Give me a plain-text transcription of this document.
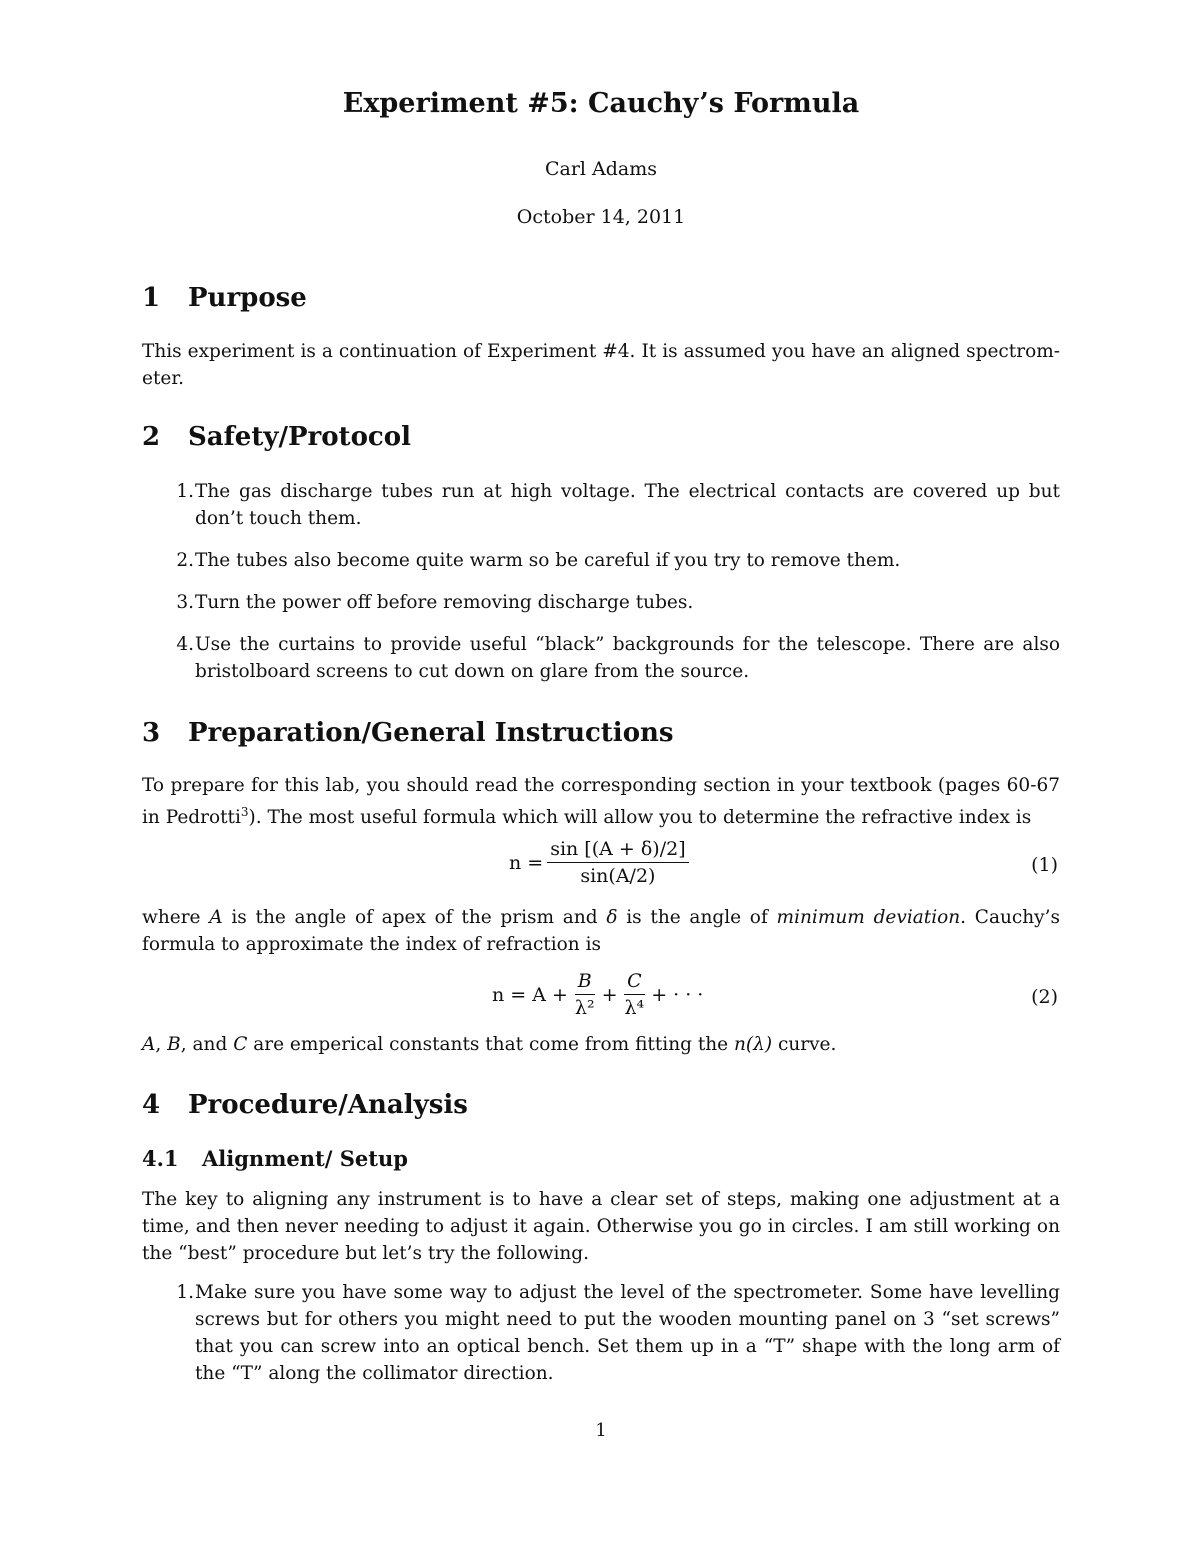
Experiment #5: Cauchy’s Formula
Carl Adams
October 14, 2011
1 Purpose
This experiment is a continuation of Experiment #4. It is assumed you have an aligned spectrom- eter.
2 Safety/Protocol
1. The gas discharge tubes run at high voltage. The electrical contacts are covered up but don’t touch them.
2. The tubes also become quite warm so be careful if you try to remove them.
3. Turn the power off before removing discharge tubes.
4. Use the curtains to provide useful “black” backgrounds for the telescope. There are also bristolboard screens to cut down on glare from the source.
3 Preparation/General Instructions
To prepare for this lab, you should read the corresponding section in your textbook (pages 60-67 in Pedrotti$^3$). The most useful formula which will allow you to determine the refractive index is
$n = \frac{\sin [(A + \delta)/2]}{\sin(A/2)}$	(1)
where A is the angle of apex of the prism and δ is the angle of minimum deviation. Cauchy’s formula to approximate the index of refraction is
$n = A + \frac{B}{\text{λ²}} + \frac{C}{\text{λ⁴}}$ + · · ·	(2)
A, B, and C are emperical constants that come from fitting the n(λ) curve.
4 Procedure/Analysis
4.1 Alignment/ Setup
The key to aligning any instrument is to have a clear set of steps, making one adjustment at a time, and then never needing to adjust it again. Otherwise you go in circles. I am still working on the “best” procedure but let’s try the following.
1. Make sure you have some way to adjust the level of the spectrometer. Some have levelling screws but for others you might need to put the wooden mounting panel on 3 “set screws” that you can screw into an optical bench. Set them up in a “T” shape with the long arm of the “T” along the collimator direction.
1
